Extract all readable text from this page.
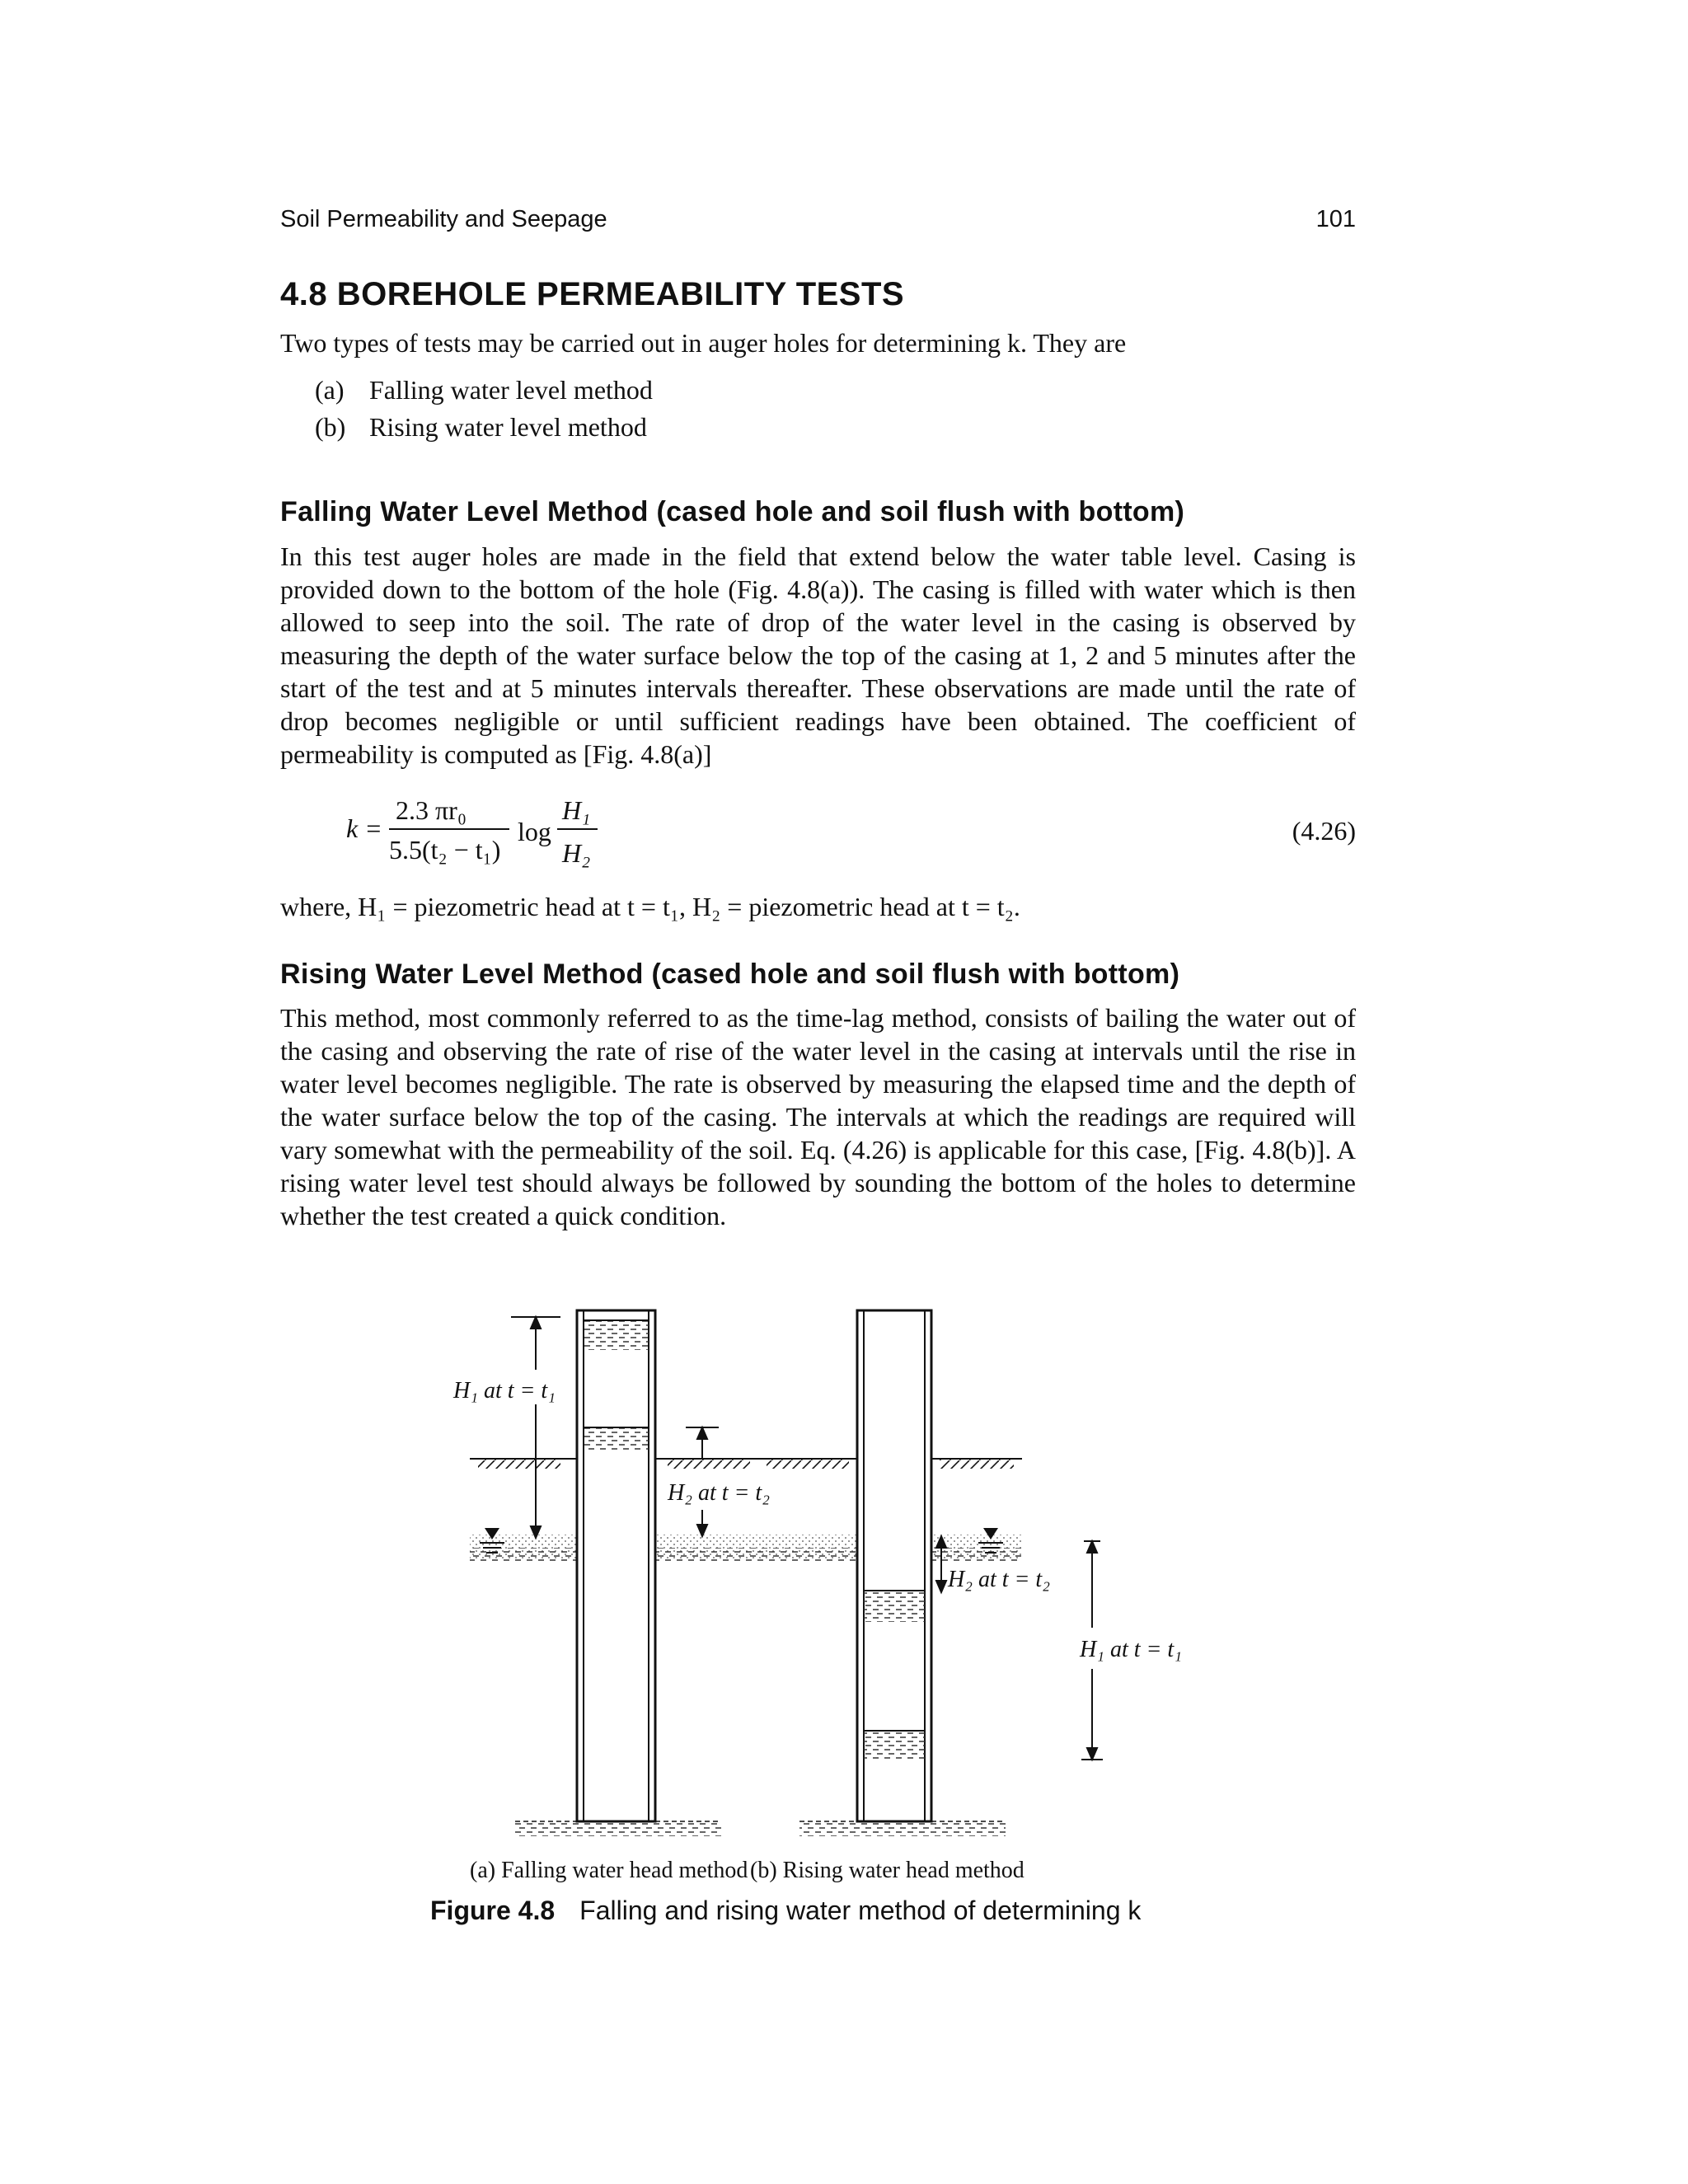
Soil Permeability and Seepage	101
4.8 BOREHOLE PERMEABILITY TESTS

Two types of tests may be carried out in auger holes for determining k. They are

(a) Falling water level method
(b) Rising water level method
Falling Water Level Method (cased hole and soil flush with bottom)

In this test auger holes are made in the field that extend below the water table level. Casing is provided down to the bottom of the hole (Fig. 4.8(a)). The casing is filled with water which is then allowed to seep into the soil. The rate of drop of the water level in the casing is observed by measuring the depth of the water surface below the top of the casing at 1, 2 and 5 minutes after the start of the test and at 5 minutes intervals thereafter. These observations are made until the rate of drop becomes negligible or until sufficient readings have been obtained. The coefficient of permeability is computed as [Fig. 4.8(a)]

k =
2.3 πr₀
5.5(t₂ − t₁)
log
H₁
H₂
(4.26)

where, H₁ = piezometric head at t = t₁, H₂ = piezometric head at t = t₂.

Rising Water Level Method (cased hole and soil flush with bottom)

This method, most commonly referred to as the time-lag method, consists of bailing the water out of the casing and observing the rate of rise of the water level in the casing at intervals until the rise in water level becomes negligible. The rate is observed by measuring the elapsed time and the depth of the water surface below the top of the casing. The intervals at which the readings are required will vary somewhat with the permeability of the soil. Eq. (4.26) is applicable for this case, [Fig. 4.8(b)]. A rising water level test should always be followed by sounding the bottom of the holes to determine whether the test created a quick condition.

H₁ at t = t₁
H₂ at t = t₂
H₂ at t = t₂
H₁ at t = t₁
(a) Falling water head method (b) Rising water head method
Figure 4.8 Falling and rising water method of determining k
